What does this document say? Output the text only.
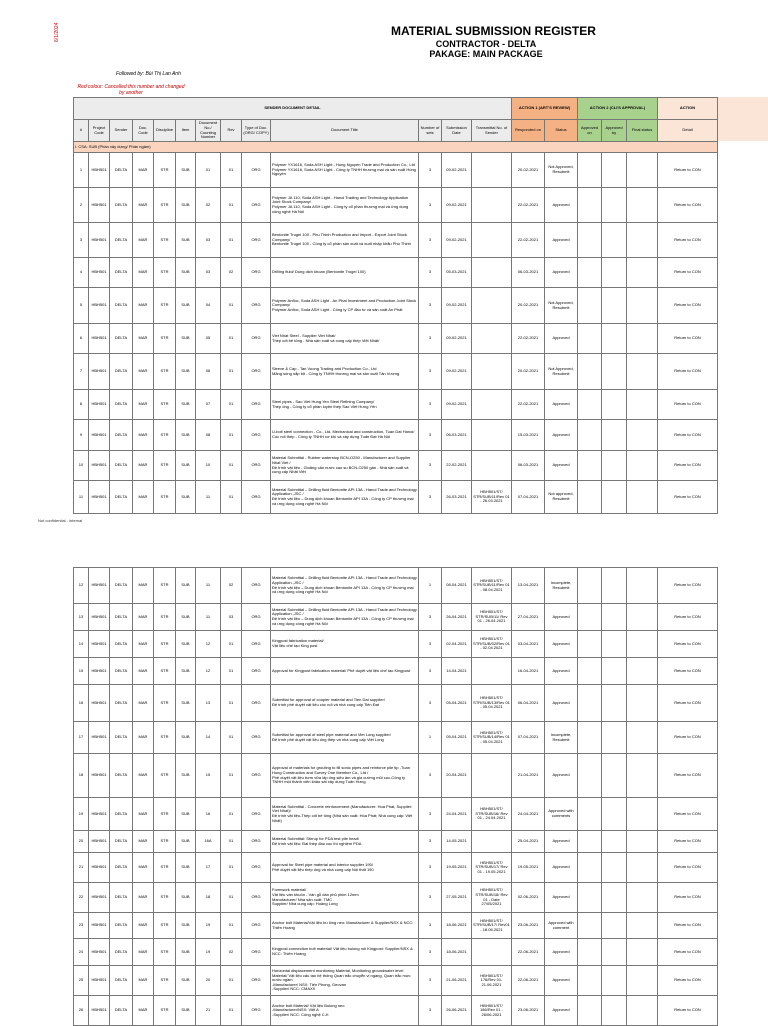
6/1/2024	MATERIAL SUBMISSION REGISTER
CONTRACTOR - DELTA
PAKAGE: MAIN PACKAGE
Followed by: Bùi Thị Lan Anh
Red colour: Cancelled this number and changed by another
SENDER DOCUMENT DETAIL													ACTION 1 (ART'S REVIEW)		ACTION 2 (CLI'S APPROVAL)			ACTION
#	Project Code	Sender	Doc. Code	Discipline	Item	Document No./ Counting Number	Rev	Type of Doc. (ORG/ COPY)	Document Title	Number of sets	Submission Date	Transmittal No. of Sender	Responded on	Status	Approved on	Approved by	Final status	Detail
I. CSA: SUB (Phần xây dựng/ Phần ngầm)																		
1	HBH501	DELTA	MAR	STR	SUB	01	01	ORG	Polymer YX1616, Soda ASH Light - Hung Nguyen Trade and Production Co., Ltd
Polymer YX1616, Soda ASH Light - Công ty TNHH thương mại và sản xuất Hùng Nguyên	3	09-02-2021		20-02-2021	Not Approved, Resubmit				Return to CON
2	HBH501	DELTA	MAR	STR	SUB	02	01	ORG	Polymer JA 110, Soda ASH Light - Hanoi Trading and Technology Application Joint Stock Company/
Polymer JA 110, Soda ASH Light - Công ty cổ phần thương mại và ứng dụng công nghệ Hà Nội	3	09-02-2021		22-02-2021	Approved				Return to CON
3	HBH501	DELTA	MAR	STR	SUB	03	01	ORG	Bentonite Trugel 100 - Phu Thinh Production and Import - Export Joint Stock Company/
Bentonite Trugel 100 - Công ty cổ phần sản xuất và xuất nhập khẩu Phú Thịnh	3	09-02-2021		22-02-2021	Approved				Return to CON
4	HBH501	DELTA	MAR	STR	SUB	03	02	ORG	Drilling fluid/ Dung dịch khoan (Bentonite Trugel 100)	3	05-03-2021		06-03-2021	Approved				Return to CON
5	HBH501	DELTA	MAR	STR	SUB	04	01	ORG	Polymer Anfloc, Soda ASH Light - An Phat Investment and Production Joint Stock Company/
Polymer Anflоc, Soda ASH Light - Công ty CP đầu tư và sản xuất An Phát	3	09-02-2021		20-02-2021	Not Approved, Resubmit				Return to CON
6	HBH501	DELTA	MAR	STR	SUB	05	01	ORG	Viet Nhat Steel - Supplier Viet Nhat/
Thép cốt bê tông - Nhà sản xuất và cung cấp thép Việt Nhật/	3	09-02-2021		22-02-2021	Approved				Return to CON
7	HBH501	DELTA	MAR	STR	SUB	06	01	ORG	Sleeve & Cap - Tan Vuong Trading and Production Co., Ltd
Măng sông nắp bịt - Công ty TNHH thương mại và sản xuất Tân Vượng	3	09-02-2021		20-02-2021	Not Approved, Resubmit				Return to CON
8	HBH501	DELTA	MAR	STR	SUB	07	01	ORG	Steel pipes - Sao Viet Hung Yen Steel Refining Company/
Thép ống - Công ty cổ phần luyện thép Sao Việt Hưng Yên	3	09-02-2021		22-02-2021	Approved				Return to CON
9	HBH501	DELTA	MAR	STR	SUB	08	01	ORG	U-bolt steel connection - Co., Ltd. Mechanical and construction, Tuan Dat Hanoi/
Cóc nối thép - Công ty TNHH cơ khí và xây dựng Tuấn Đạt Hà Nội	3	06-03-2021		15-03-2021	Approved				Return to CON
10	HBH501	DELTA	MAR	STR	SUB	10	01	ORG	Material Submittal - Rubber waterstop BCN-O250 - Manufacturer and Supplier Nhat Viet /
Đệ trình vật liệu - Gioăng cản nước cao su BCN-O250 gân - Nhà sản xuất và cung cấp Nhật Việt	3	22-02-2021		06-03-2021	Approved				Return to CON
11	HBH501	DELTA	MAR	STR	SUB	11	01	ORG	Material Submittal – Drilling fluid Bentonite API 13A - Hanoi Trade and Technology Application.,JSC /
Đệ trình vật liệu – Dung dịch khoan Bentonite API 13A - Công ty CP thương mại và ứng dụng công nghệ Hà Nội	3	26-03-2021	HBH501/ST/ STR/SUB/11/Rev 01 - 26.03.2021	07-04-2021	Not approved, Resubmit				Return to CON
Not confidential - internal
12	HBH501	DELTA	MAR	STR	SUB	11	02	ORG	Material Submittal – Drilling fluid Bentonite API 13A - Hanoi Trade and Technology Application.,JSC /
Đệ trình vật liệu – Dung dịch khoan Bentonite API 13A - Công ty CP thương mại và ứng dụng công nghệ Hà Nội	1	08-04-2021	HBH501/ST/ STR/SUB/11/Rev 01 - 08.04.2021	13-04-2021	Incomplete, Resubmit				Return to CON
13	HBH501	DELTA	MAR	STR	SUB	11	03	ORG	Material Submittal – Drilling fluid Bentonite API 13A - Hanoi Trade and Technology Application.,JSC /
Đệ trình vật liệu – Dung dịch khoan Bentonite API 13A - Công ty CP thương mại và ứng dụng công nghệ Hà Nội	3	26-04-2021	HBH501/ST/ STR/SUB/11/ Rev 01 - 26.04.2021	27-04-2021	Approved				Return to CON
14	HBH501	DELTA	MAR	STR	SUB	12	01	ORG	Kingpost fabrication material/
Vật liệu chế tạo King post	3	02-04-2021	HBH501/ST/ STR/SUB/02/Rev 01 - 02.04.2021	03-04-2021	Approved				Return to CON
15	HBH501	DELTA	MAR	STR	SUB	12	01	ORG	Approval for Kingpost fabrication material/ Phê duyệt vật liệu chế tạo Kingpost	3	14-04-2021		16-04-2021	Approved				Return to CON
16	HBH501	DELTA	MAR	STR	SUB	13	01	ORG	Submittal for approval of coupler material and Tien Dat supplier/
Đệ trình phê duyệt vật liệu cóc nối và nhà cung cấp Tiến Đạt	3	05-04-2021	HBH501/ST/ STR/SUB/13/Rev 01 - 05.04.2021	06-04-2021	Approved				Return to CON
17	HBH501	DELTA	MAR	STR	SUB	14	01	ORG	Submittal for approval of steel pipe material and Viet Long supplier/
Đệ trình phê duyệt vật liệu ống thép và nhà cung cấp Việt Long	1	05-04-2021	HBH501/ST/ STR/SUB/14/Rev 01 - 05.04.2021	07-04-2021	Incomplete, Resubmit				Return to CON
18	HBH501	DELTA	MAR	STR	SUB	15	01	ORG	Approval of materials for grouting to fill sonic pipes and reinforce pile tip -Tuan Hung Construction and Survey One Member Co., Ltd /
Phê duyệt vật liệu bơm vữa lấp ống siêu âm và gia cường mũi cọc-Công ty TNHH một thành viên khảo sát xây dựng Tuấn Hưng	3	20-04-2021		21-04-2021	Approved				Return to CON
19	HBH501	DELTA	MAR	STR	SUB	16	01	ORG	Material Submittal - Concrete reinforcement (Manufacturer: Hoa Phat, Supplier: Viet Nhat)/
Đệ trình vật liệu-Thép cốt bê tông (Nhà sản xuất: Hòa Phát; Nhà cung cấp: Việt Nhật)	3	24-04-2021	HBH501/ST/ STR/SUB/16/ Rev 01 - 24.04.2021	24-04-2021	Approved with comments				Return to CON
20	HBH501	DELTA	MAR	STR	SUB	16A	01	ORG	Material Submittal: Stirrup for PDA test pile head/
Đệ trình vật liệu: Đai thép đầu cọc thí nghiệm PDA	3	14-05-2021		25-04-2021	Approved				Return to CON
21	HBH501	DELTA	MAR	STR	SUB	17	01	ORG	Approval for Steel pipe material and interior supplier 190/
Phê duyệt vật liệu thép ống và nhà cung cấp Nội thất 190	3	19-05-2021	HBH501/ST/ STR/SUB/17/ Rev 01 - 19.05.2021	19-05-2021	Approved				Return to CON
22	HBH501	DELTA	MAR	STR	SUB	18	01	ORG	Formwork material/
Vật liệu ván khuôn - Ván gỗ dán phủ phim 12mm
Manufacturer/ Nhà sản xuất: TMC
Supplier/ Nhà cung cấp: Hoàng Long	3	27-05-2021	HBH501/ST/ STR/SUB/18/ Rev 01 - Date 27/05/2021	02-06-2021	Approved				Return to CON
23	HBH501	DELTA	MAR	STR	SUB	19	01	ORG	Anchor bolt Material/Vật liệu bu lông neo: Manufacturer & Supplier/NSX & NCC: Thiên Hoàng	3	18-06-2021	HBH501/ST/ STR/SUB/17/ Rev01 - 18.06.2021	23-06-2021	Approved with comment				Return to CON
24	HBH501	DELTA	MAR	STR	SUB	19	02	ORG	Kingpost connection bolt material/ Vật liệu bulong nối Kingpost: Supplier/NSX & NCC: Thiên Hoàng	3	18-06-2021		22-06-2021	Approved				Return to CON
25	HBH501	DELTA	MAR	STR	SUB	20	01	ORG	Horizontal displacement monitoring Material, Monitoring groundwater level Material/ Vật liệu cấu tạo hệ thống Quan trắc chuyển vị ngang, Quan trắc mực nước ngầm
-Manufacturer/ NSX: Tiến Phong, Geovan
-Supplier/ NCC: CMAXX	3	21-06-2021	HBH501/ST/ 176/Rev 01- 21.06.2021	22-06-2021	Approved				Return to CON
26	HBH501	DELTA	MAR	STR	SUB	21	01	ORG	Anchor bolt Material/ Vật liệu Bulong neo
-Manufacturer/NSX: Việt A
-Supplier/ NCC: Công nghệ C-K	3	26-06-2021	HBH501/ST/ 186/Rev 01 - 26/06.2021	23-06-2021	Approved				Return to CON
